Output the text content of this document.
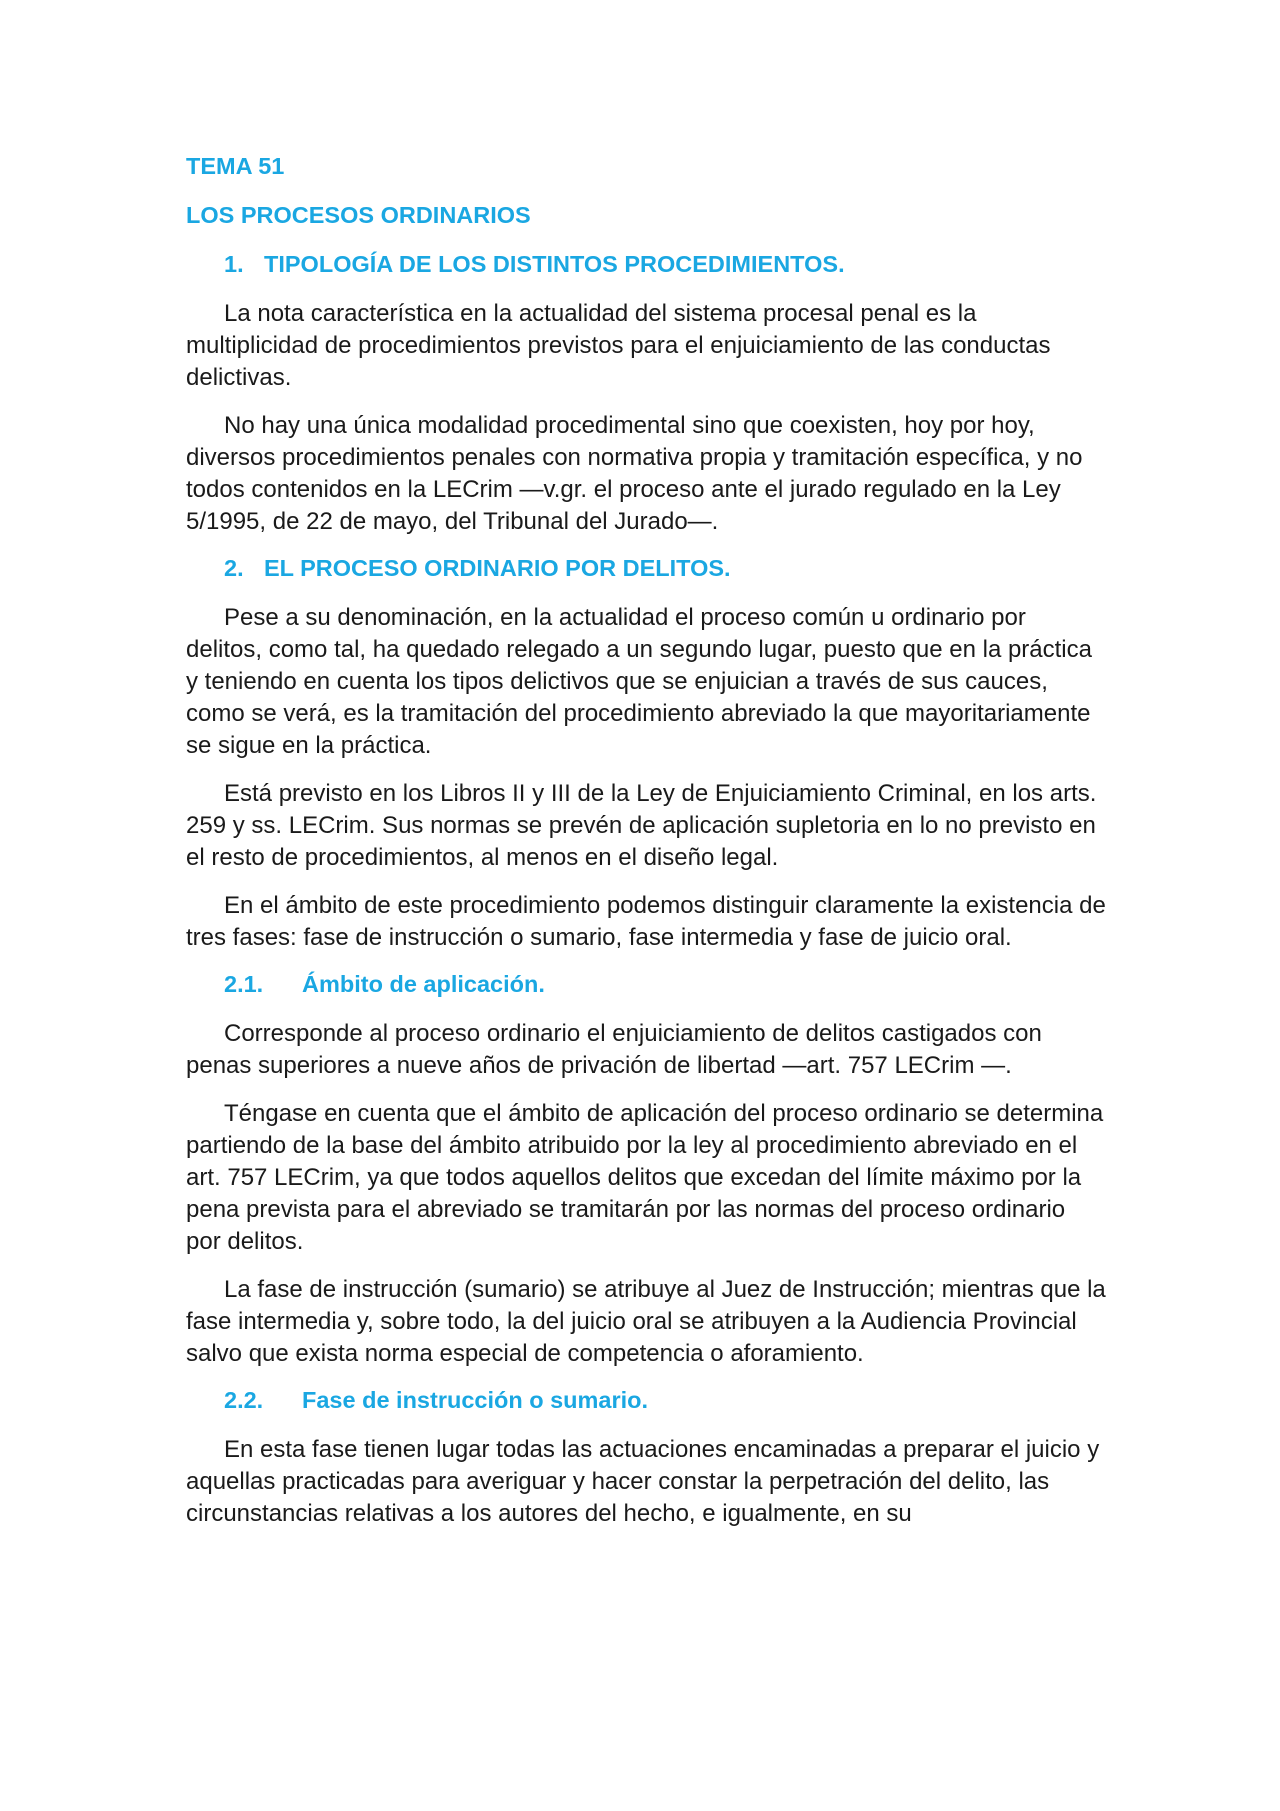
TEMA 51
LOS PROCESOS ORDINARIOS
1. TIPOLOGÍA DE LOS DISTINTOS PROCEDIMIENTOS.

La nota característica en la actualidad del sistema procesal penal es la multiplicidad de procedimientos previstos para el enjuiciamiento de las conductas delictivas.

No hay una única modalidad procedimental sino que coexisten, hoy por hoy, diversos procedimientos penales con normativa propia y tramitación específica, y no todos contenidos en la LECrim —v.gr. el proceso ante el jurado regulado en la Ley 5/1995, de 22 de mayo, del Tribunal del Jurado—.

2. EL PROCESO ORDINARIO POR DELITOS.

Pese a su denominación, en la actualidad el proceso común u ordinario por delitos, como tal, ha quedado relegado a un segundo lugar, puesto que en la práctica y teniendo en cuenta los tipos delictivos que se enjuician a través de sus cauces, como se verá, es la tramitación del procedimiento abreviado la que mayoritariamente se sigue en la práctica.

Está previsto en los Libros II y III de la Ley de Enjuiciamiento Criminal, en los arts. 259 y ss. LECrim. Sus normas se prevén de aplicación supletoria en lo no previsto en el resto de procedimientos, al menos en el diseño legal.

En el ámbito de este procedimiento podemos distinguir claramente la existencia de tres fases: fase de instrucción o sumario, fase intermedia y fase de juicio oral.

2.1.	Ámbito de aplicación.

Corresponde al proceso ordinario el enjuiciamiento de delitos castigados con penas superiores a nueve años de privación de libertad —art. 757 LECrim —.

Téngase en cuenta que el ámbito de aplicación del proceso ordinario se determina partiendo de la base del ámbito atribuido por la ley al procedimiento abreviado en el art. 757 LECrim, ya que todos aquellos delitos que excedan del límite máximo por la pena prevista para el abreviado se tramitarán por las normas del proceso ordinario por delitos.

La fase de instrucción (sumario) se atribuye al Juez de Instrucción; mientras que la fase intermedia y, sobre todo, la del juicio oral se atribuyen a la Audiencia Provincial salvo que exista norma especial de competencia o aforamiento.

2.2.	Fase de instrucción o sumario.

En esta fase tienen lugar todas las actuaciones encaminadas a preparar el juicio y aquellas practicadas para averiguar y hacer constar la perpetración del delito, las circunstancias relativas a los autores del hecho, e igualmente, en su
